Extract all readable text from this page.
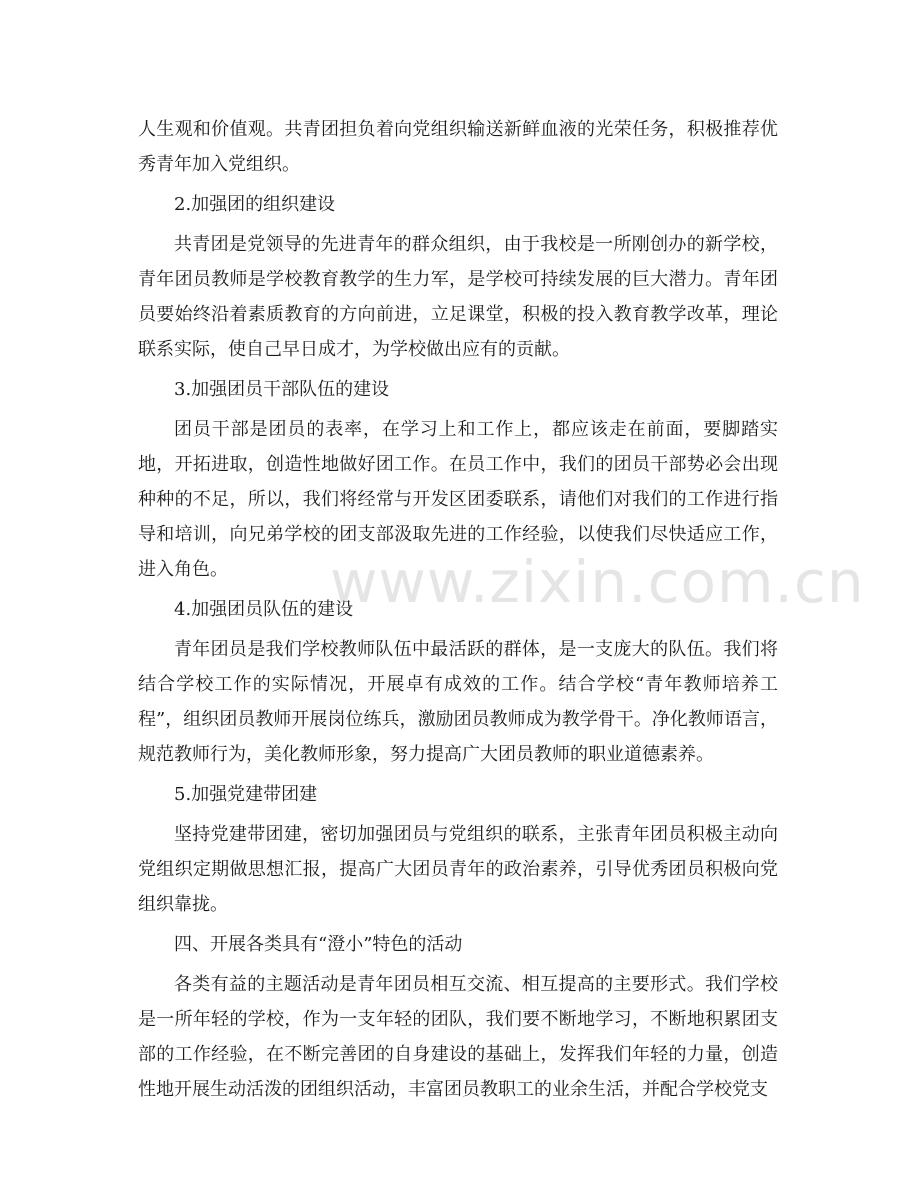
人生观和价值观。共青团担负着向党组织输送新鲜血液的光荣任务，积极推荐优秀青年加入党组织。

2.加强团的组织建设

共青团是党领导的先进青年的群众组织，由于我校是一所刚创办的新学校，青年团员教师是学校教育教学的生力军，是学校可持续发展的巨大潜力。青年团员要始终沿着素质教育的方向前进，立足课堂，积极的投入教育教学改革，理论联系实际，使自己早日成才，为学校做出应有的贡献。

3.加强团员干部队伍的建设

团员干部是团员的表率，在学习上和工作上，都应该走在前面，要脚踏实地，开拓进取，创造性地做好团工作。在员工作中，我们的团员干部势必会出现种种的不足，所以，我们将经常与开发区团委联系，请他们对我们的工作进行指导和培训，向兄弟学校的团支部汲取先进的工作经验，以使我们尽快适应工作，进入角色。

4.加强团员队伍的建设

青年团员是我们学校教师队伍中最活跃的群体，是一支庞大的队伍。我们将结合学校工作的实际情况，开展卓有成效的工作。结合学校“青年教师培养工程”，组织团员教师开展岗位练兵，激励团员教师成为教学骨干。净化教师语言，规范教师行为，美化教师形象，努力提高广大团员教师的职业道德素养。

5.加强党建带团建

坚持党建带团建，密切加强团员与党组织的联系，主张青年团员积极主动向党组织定期做思想汇报，提高广大团员青年的政治素养，引导优秀团员积极向党组织靠拢。

四、开展各类具有“澄小”特色的活动

各类有益的主题活动是青年团员相互交流、相互提高的主要形式。我们学校是一所年轻的学校，作为一支年轻的团队，我们要不断地学习，不断地积累团支部的工作经验，在不断完善团的自身建设的基础上，发挥我们年轻的力量，创造性地开展生动活泼的团组织活动，丰富团员教职工的业余生活，并配合学校党支

www.zixin.com.cn
